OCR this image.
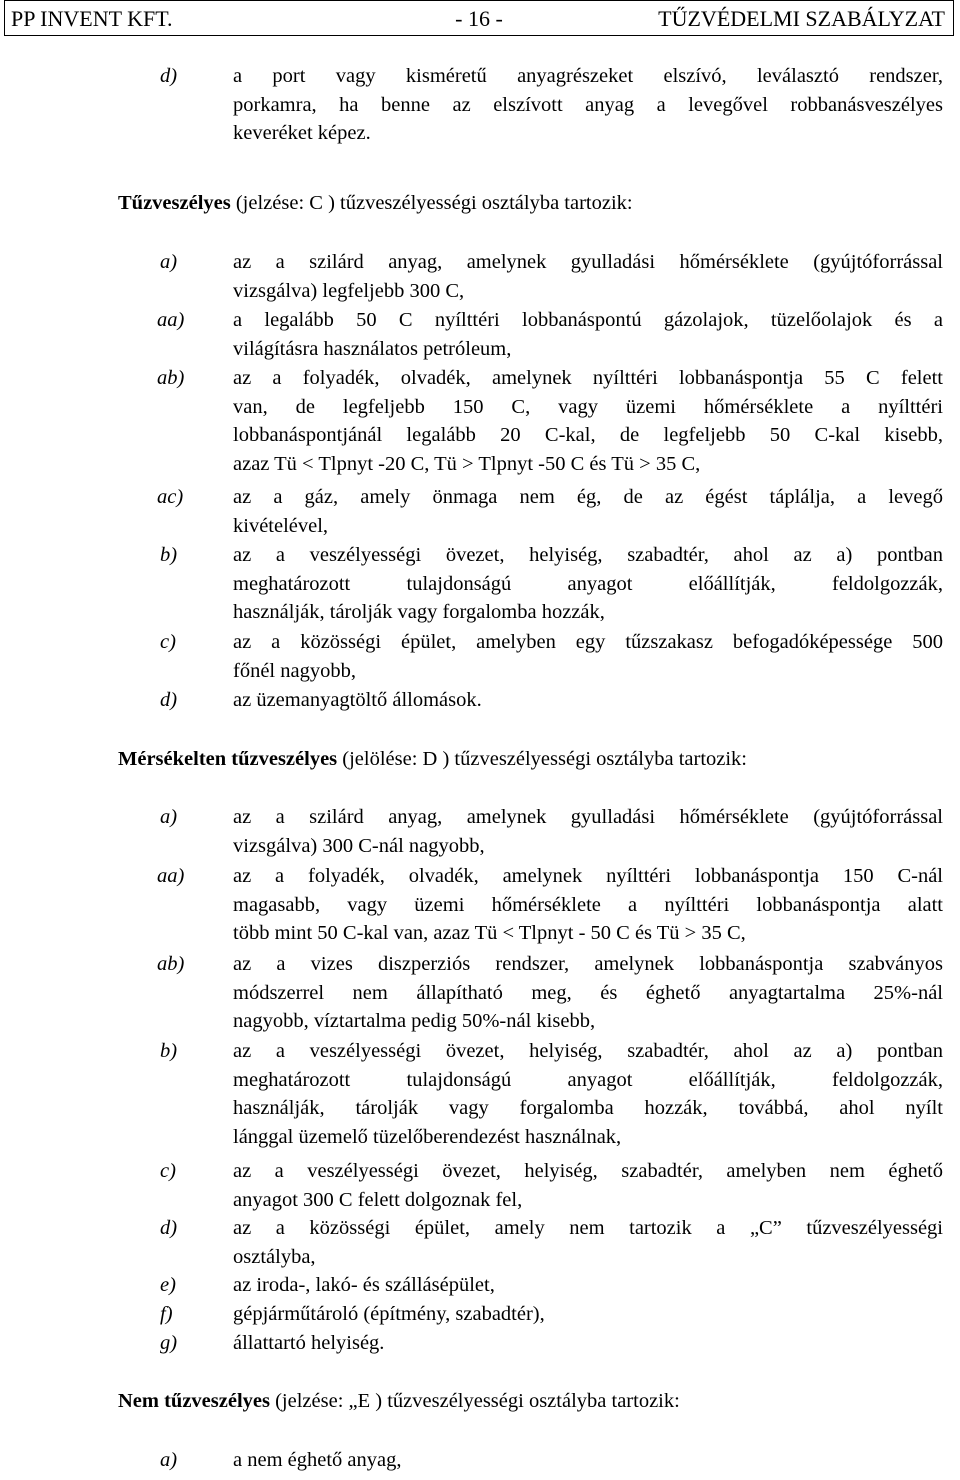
PP INVENT KFT.	- 16 -	TŰZVÉDELMI SZABÁLYZAT
d)	a port vagy kisméretű anyagrészeket elszívó, leválasztó rendszer,
porkamra, ha benne az elszívott anyag a levegővel robbanásveszélyes
keveréket képez.
Tűzveszélyes (jelzése: C ) tűzveszélyességi osztályba tartozik:
a)	az a szilárd anyag, amelynek gyulladási hőmérséklete (gyújtóforrással
vizsgálva) legfeljebb 300 C,
aa)	a legalább 50 C nyílttéri lobbanáspontú gázolajok, tüzelőolajok és a
világításra használatos petróleum,
ab)	az a folyadék, olvadék, amelynek nyílttéri lobbanáspontja 55 C felett
van, de legfeljebb 150 C, vagy üzemi hőmérséklete a nyílttéri
lobbanáspontjánál legalább 20 C-kal, de legfeljebb 50 C-kal kisebb,
azaz Tü < Tlpnyt -20 C, Tü > Tlpnyt -50 C és Tü > 35 C,
ac)	az a gáz, amely önmaga nem ég, de az égést táplálja, a levegő
kivételével,
b)	az a veszélyességi övezet, helyiség, szabadtér, ahol az a) pontban
meghatározott tulajdonságú anyagot előállítják, feldolgozzák,
használják, tárolják vagy forgalomba hozzák,
c)	az a közösségi épület, amelyben egy tűzszakasz befogadóképessége 500
főnél nagyobb,
d)	az üzemanyagtöltő állomások.
Mérsékelten tűzveszélyes (jelölése: D ) tűzveszélyességi osztályba tartozik:
a)	az a szilárd anyag, amelynek gyulladási hőmérséklete (gyújtóforrással
vizsgálva) 300 C-nál nagyobb,
aa)	az a folyadék, olvadék, amelynek nyílttéri lobbanáspontja 150 C-nál
magasabb, vagy üzemi hőmérséklete a nyílttéri lobbanáspontja alatt
több mint 50 C-kal van, azaz Tü < Tlpnyt - 50 C és Tü > 35 C,
ab)	az a vizes diszperziós rendszer, amelynek lobbanáspontja szabványos
módszerrel nem állapítható meg, és éghető anyagtartalma 25%-nál
nagyobb, víztartalma pedig 50%-nál kisebb,
b)	az a veszélyességi övezet, helyiség, szabadtér, ahol az a) pontban
meghatározott tulajdonságú anyagot előállítják, feldolgozzák,
használják, tárolják vagy forgalomba hozzák, továbbá, ahol nyílt
lánggal üzemelő tüzelőberendezést használnak,
c)	az a veszélyességi övezet, helyiség, szabadtér, amelyben nem éghető
anyagot 300 C felett dolgoznak fel,
d)	az a közösségi épület, amely nem tartozik a „C” tűzveszélyességi
osztályba,
e)	az iroda-, lakó- és szállásépület,
f)	gépjárműtároló (építmény, szabadtér),
g)	állattartó helyiség.
Nem tűzveszélyes (jelzése: „E ) tűzveszélyességi osztályba tartozik:
a)	a nem éghető anyag,
